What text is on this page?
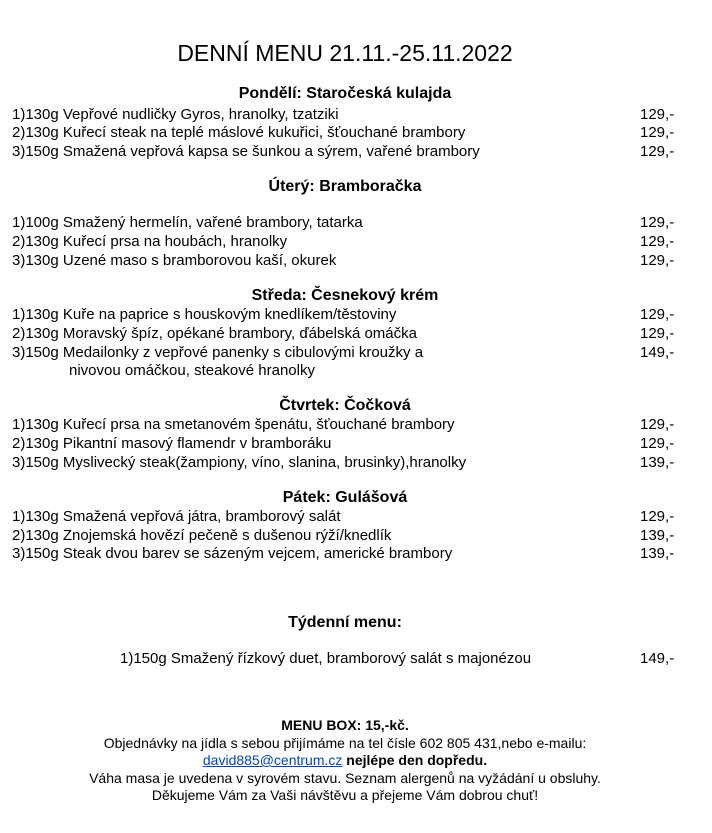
DENNÍ MENU 21.11.-25.11.2022
Pondělí: Staročeská kulajda
1)130g Vepřové nudličky Gyros, hranolky, tzatziki	129,-
2)130g Kuřecí steak na teplé máslové kukuřici, šťouchané brambory	129,-
3)150g Smažená vepřová kapsa se šunkou a sýrem, vařené brambory	129,-
Úterý: Bramboračka
1)100g Smažený hermelín, vařené brambory, tatarka	129,-
2)130g Kuřecí prsa na houbách, hranolky	129,-
3)130g Uzené maso s bramborovou kaší, okurek	129,-
Středa: Česnekový krém
1)130g Kuře na paprice s houskovým knedlíkem/těstoviny	129,-
2)130g Moravský špíz, opékané brambory, ďábelská omáčka	129,-
3)150g Medailonky z vepřové panenky s cibulovými kroužky a	149,-
nivovou omáčkou, steakové hranolky
Čtvrtek: Čočková
1)130g Kuřecí prsa na smetanovém špenátu, šťouchané brambory	129,-
2)130g Pikantní masový flamendr v bramboráku	129,-
3)150g Myslivecký steak(žampiony, víno, slanina, brusinky),hranolky	139,-
Pátek: Gulášová
1)130g Smažená vepřová játra, bramborový salát	129,-
2)130g Znojemská hovězí pečeně s dušenou rýží/knedlík	139,-
3)150g Steak dvou barev se sázeným vejcem, americké brambory	139,-
Týdenní menu:
1)150g Smažený řízkový duet, bramborový salát s majonézou	149,-
MENU BOX: 15,-kč.
Objednávky na jídla s sebou přijímáme na tel čísle 602 805 431,nebo e-mailu:
david885@centrum.cz nejlépe den dopředu.
Váha masa je uvedena v syrovém stavu. Seznam alergenů na vyžádání u obsluhy.
Děkujeme Vám za Vaši návštěvu a přejeme Vám dobrou chuť!
